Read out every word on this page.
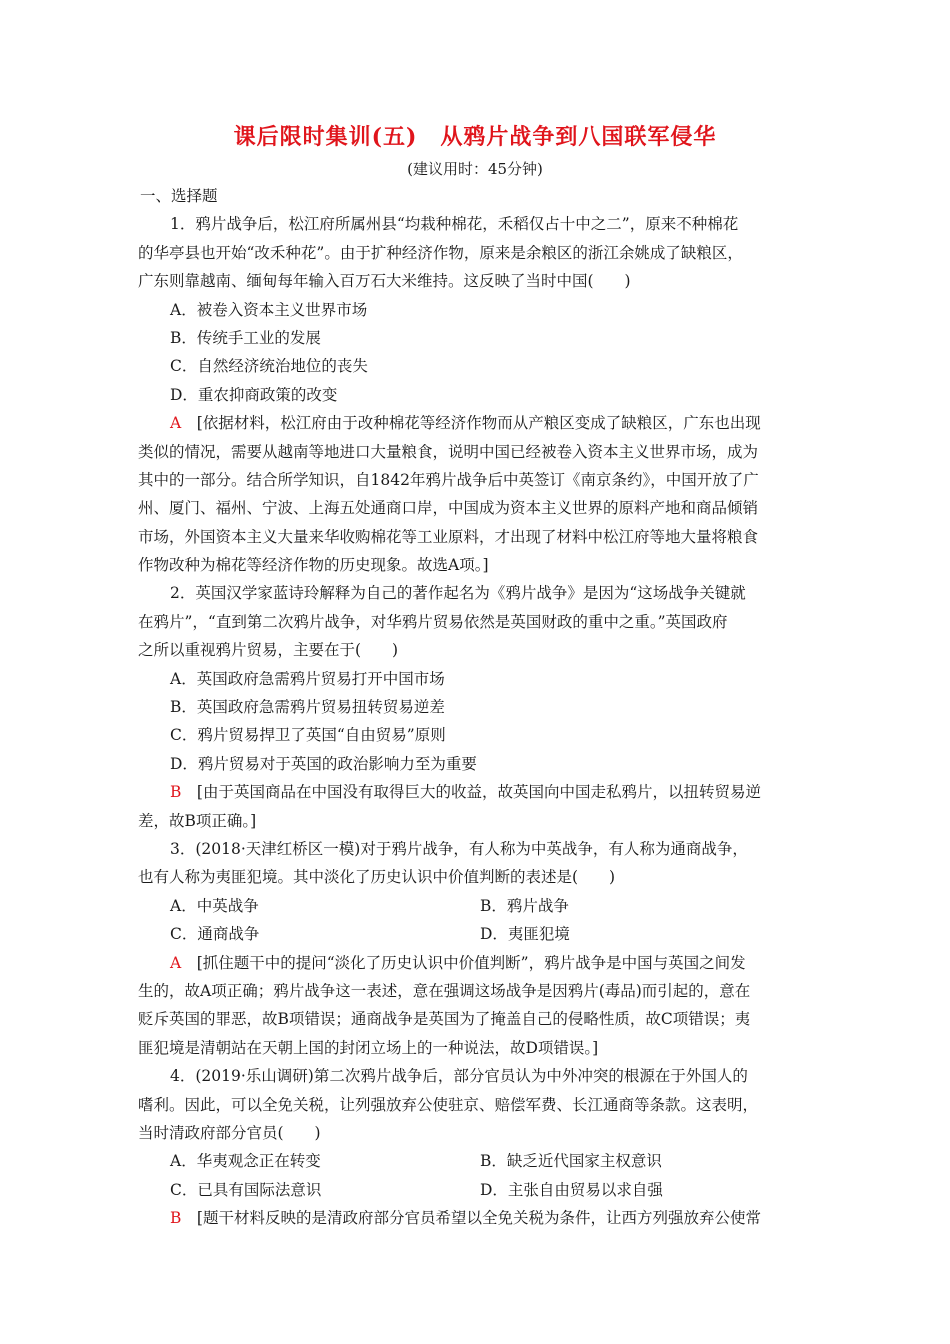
课后限时集训(五)　从鸦片战争到八国联军侵华
(建议用时：45分钟)
一、选择题
1．鸦片战争后，松江府所属州县“均栽种棉花，禾稻仅占十中之二”，原来不种棉花
的华亭县也开始“改禾种花”。由于扩种经济作物，原来是余粮区的浙江余姚成了缺粮区，
广东则靠越南、缅甸每年输入百万石大米维持。这反映了当时中国(　　)
A．被卷入资本主义世界市场
B．传统手工业的发展
C．自然经济统治地位的丧失
D．重农抑商政策的改变
A　[依据材料，松江府由于改种棉花等经济作物而从产粮区变成了缺粮区，广东也出现
类似的情况，需要从越南等地进口大量粮食，说明中国已经被卷入资本主义世界市场，成为
其中的一部分。结合所学知识，自1842年鸦片战争后中英签订《南京条约》，中国开放了广
州、厦门、福州、宁波、上海五处通商口岸，中国成为资本主义世界的原料产地和商品倾销
市场，外国资本主义大量来华收购棉花等工业原料，才出现了材料中松江府等地大量将粮食
作物改种为棉花等经济作物的历史现象。故选A项。]
2．英国汉学家蓝诗玲解释为自己的著作起名为《鸦片战争》是因为“这场战争关键就
在鸦片”，“直到第二次鸦片战争，对华鸦片贸易依然是英国财政的重中之重。”英国政府
之所以重视鸦片贸易，主要在于(　　)
A．英国政府急需鸦片贸易打开中国市场
B．英国政府急需鸦片贸易扭转贸易逆差
C．鸦片贸易捍卫了英国“自由贸易”原则
D．鸦片贸易对于英国的政治影响力至为重要
B　[由于英国商品在中国没有取得巨大的收益，故英国向中国走私鸦片，以扭转贸易逆
差，故B项正确。]
3．(2018·天津红桥区一模)对于鸦片战争，有人称为中英战争，有人称为通商战争，
也有人称为夷匪犯境。其中淡化了历史认识中价值判断的表述是(　　)
A．中英战争	B．鸦片战争
C．通商战争	D．夷匪犯境
A　[抓住题干中的提问“淡化了历史认识中价值判断”，鸦片战争是中国与英国之间发
生的，故A项正确；鸦片战争这一表述，意在强调这场战争是因鸦片(毒品)而引起的，意在
贬斥英国的罪恶，故B项错误；通商战争是英国为了掩盖自己的侵略性质，故C项错误；夷
匪犯境是清朝站在天朝上国的封闭立场上的一种说法，故D项错误。]
4．(2019·乐山调研)第二次鸦片战争后，部分官员认为中外冲突的根源在于外国人的
嗜利。因此，可以全免关税，让列强放弃公使驻京、赔偿军费、长江通商等条款。这表明，
当时清政府部分官员(　　)
A．华夷观念正在转变	B．缺乏近代国家主权意识
C．已具有国际法意识	D．主张自由贸易以求自强
B　[题干材料反映的是清政府部分官员希望以全免关税为条件，让西方列强放弃公使常
